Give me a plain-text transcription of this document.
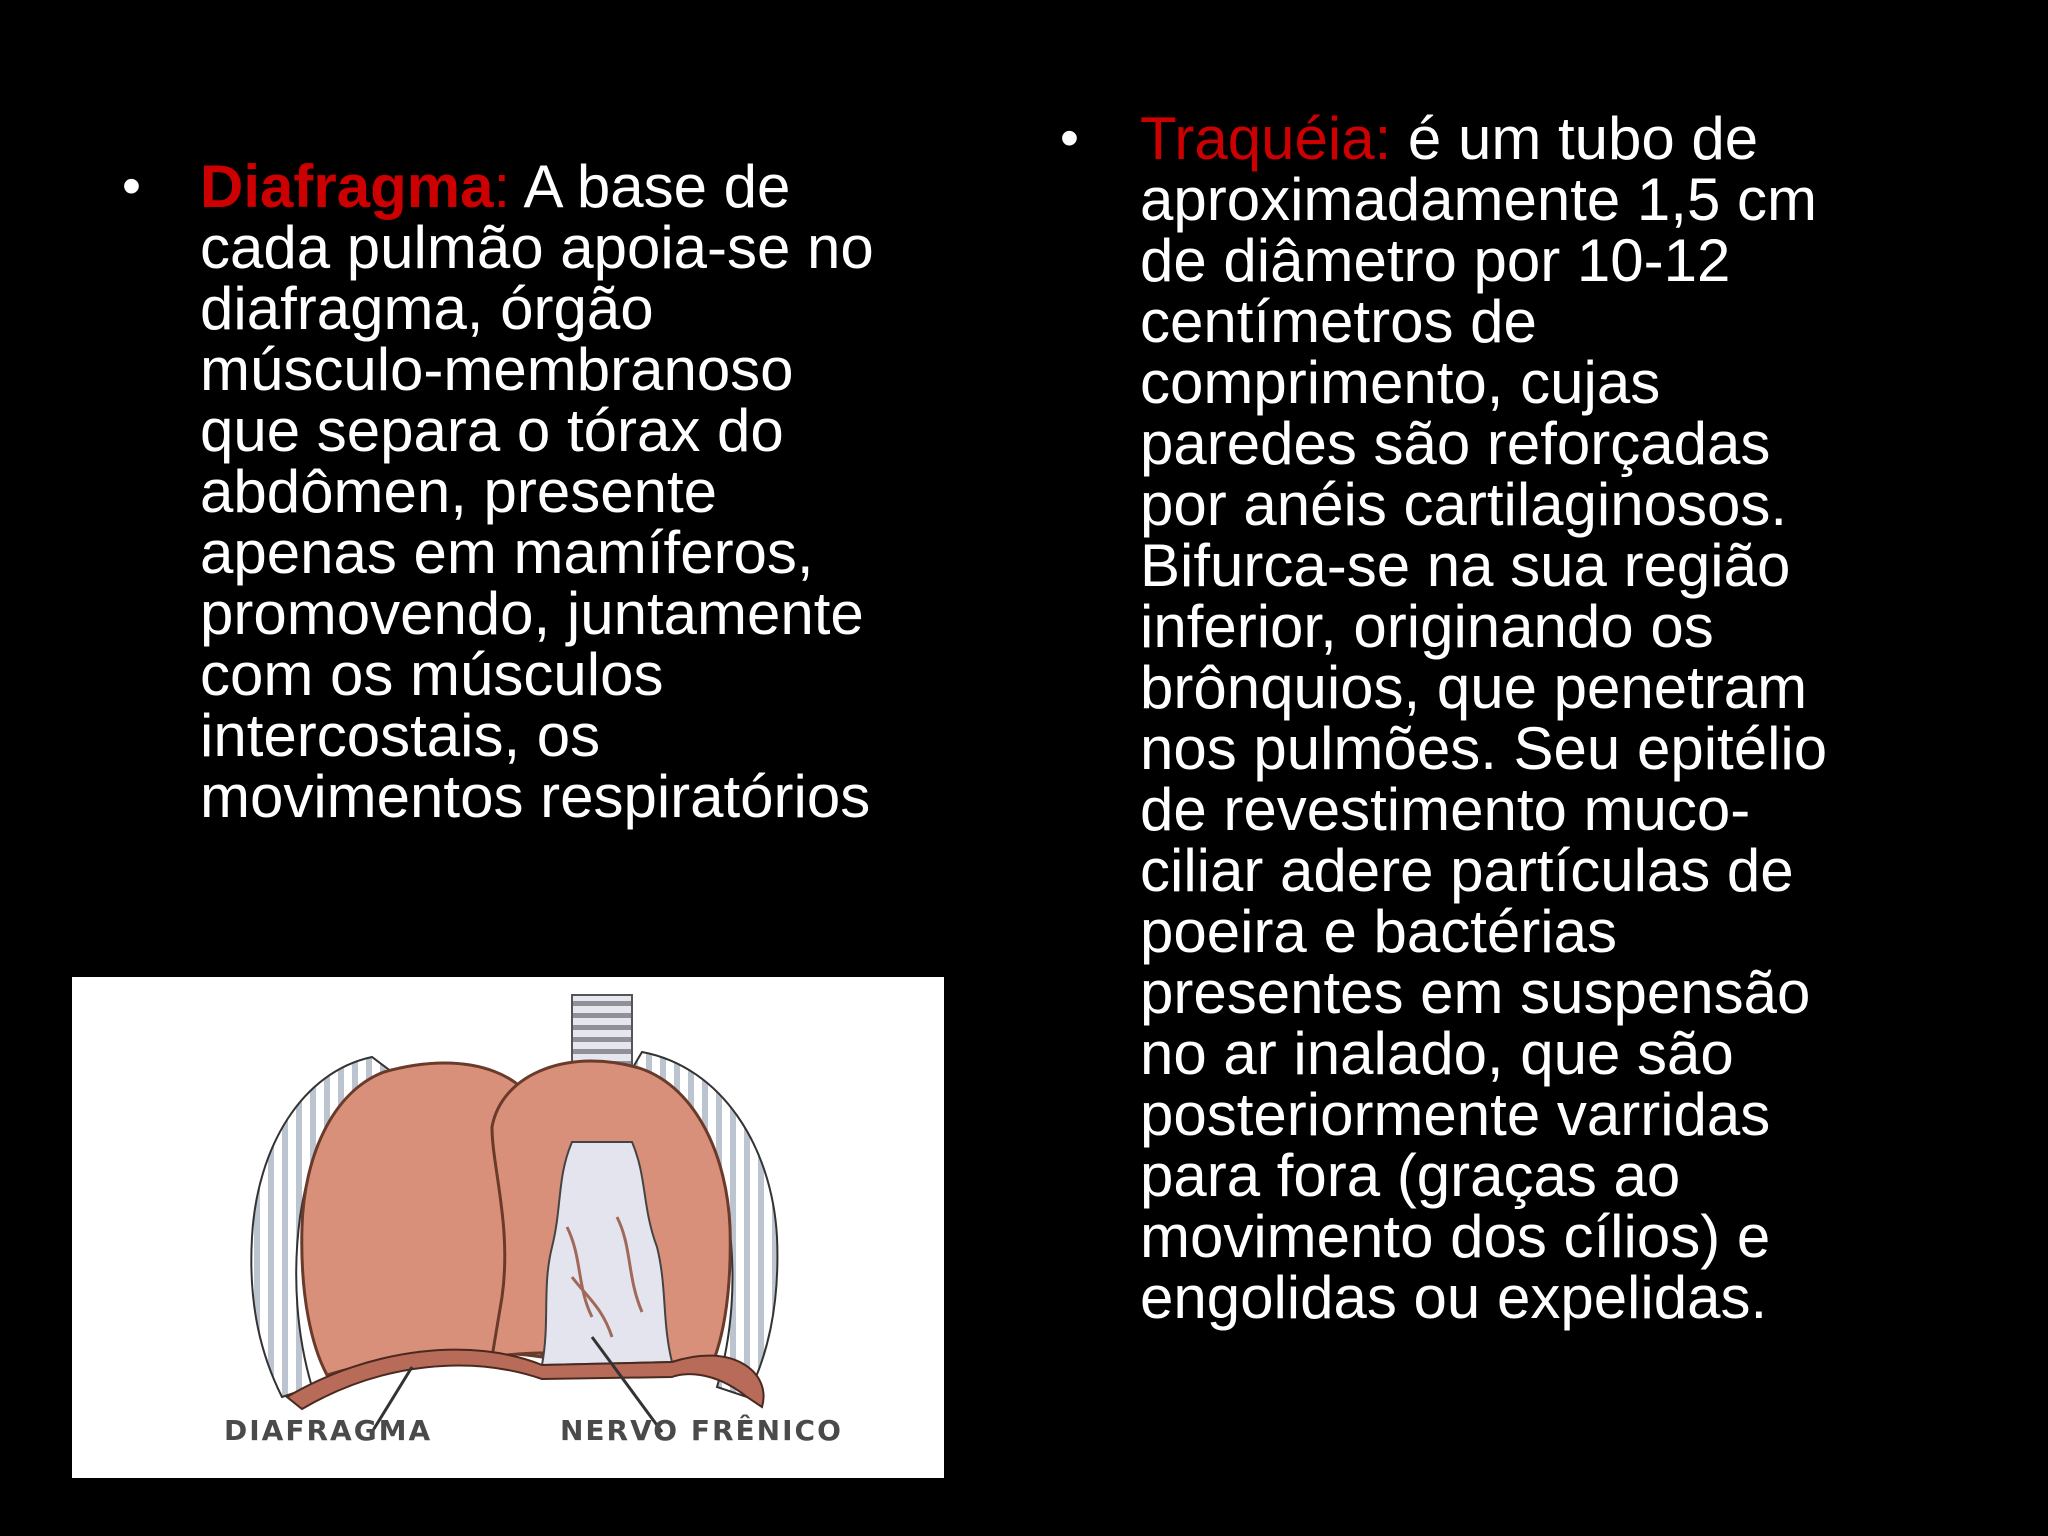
• Diafragma: A base de
cada pulmão apoia-se no
diafragma, órgão
músculo-membranoso
que separa o tórax do
abdômen, presente
apenas em mamíferos,
promovendo, juntamente
com os músculos
intercostais, os
movimentos respiratórios
• Traquéia: é um tubo de
aproximadamente 1,5 cm
de diâmetro por 10-12
centímetros de
comprimento, cujas
paredes são reforçadas
por anéis cartilaginosos.
Bifurca-se na sua região
inferior, originando os
brônquios, que penetram
nos pulmões. Seu epitélio
de revestimento muco-
ciliar adere partículas de
poeira e bactérias
presentes em suspensão
no ar inalado, que são
posteriormente varridas
para fora (graças ao
movimento dos cílios) e
engolidas ou expelidas.
DIAFRAGMA	NERVO FRÊNICO
